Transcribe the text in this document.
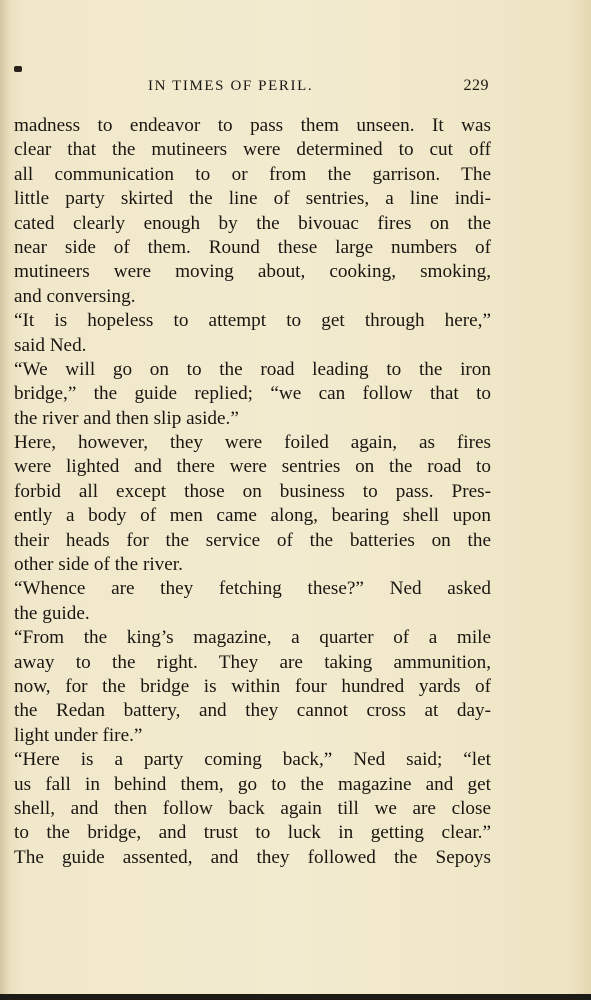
IN TIMES OF PERIL.	229
madness to endeavor to pass them unseen. It was
clear that the mutineers were determined to cut off
all communication to or from the garrison. The
little party skirted the line of sentries, a line indi-
cated clearly enough by the bivouac fires on the
near side of them. Round these large numbers of
mutineers were moving about, cooking, smoking,
and conversing.
“It is hopeless to attempt to get through here,”
said Ned.
“We will go on to the road leading to the iron
bridge,” the guide replied; “we can follow that to
the river and then slip aside.”
Here, however, they were foiled again, as fires
were lighted and there were sentries on the road to
forbid all except those on business to pass. Pres-
ently a body of men came along, bearing shell upon
their heads for the service of the batteries on the
other side of the river.
“Whence are they fetching these?” Ned asked
the guide.
“From the king’s magazine, a quarter of a mile
away to the right. They are taking ammunition,
now, for the bridge is within four hundred yards of
the Redan battery, and they cannot cross at day-
light under fire.”
“Here is a party coming back,” Ned said; “let
us fall in behind them, go to the magazine and get
shell, and then follow back again till we are close
to the bridge, and trust to luck in getting clear.”
The guide assented, and they followed the Sepoys
